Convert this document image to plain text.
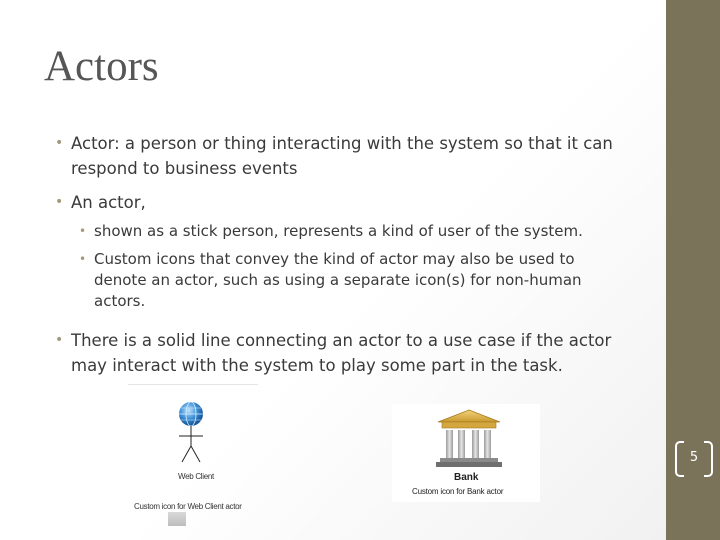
5
Actors
• Actor: a person or thing interacting with the system so that it can respond to business events
• An actor,
• shown as a stick person, represents a kind of user of the system.
• Custom icons that convey the kind of actor may also be used to denote an actor, such as using a separate icon(s) for non-human actors.
• There is a solid line connecting an actor to a use case if the actor may interact with the system to play some part in the task.
Web Client
Custom icon for Web Client actor
Bank
Custom icon for Bank actor
